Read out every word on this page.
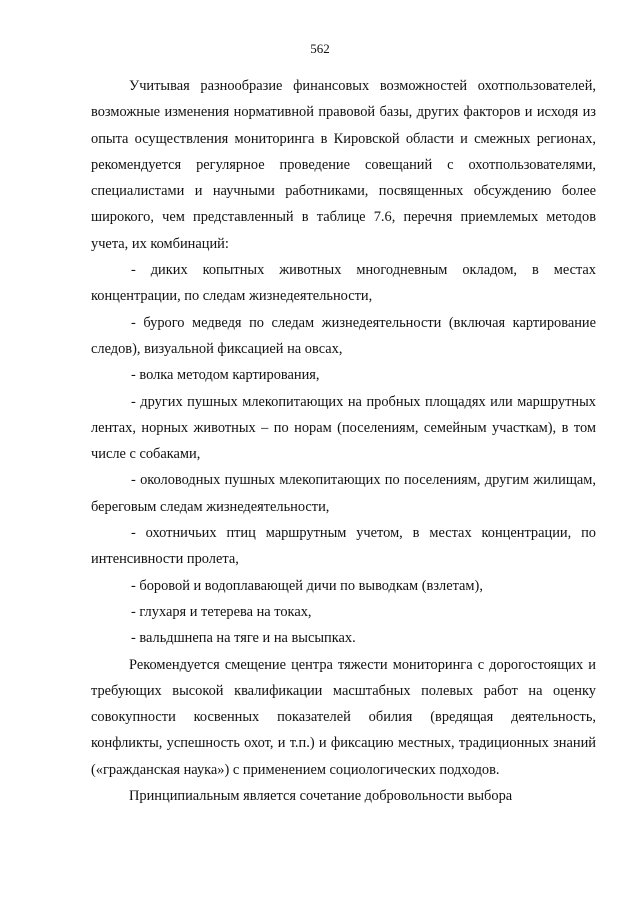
562

Учитывая разнообразие финансовых возможностей охотпользователей, возможные изменения нормативной правовой базы, других факторов и исходя из опыта осуществления мониторинга в Кировской области и смежных регионах, рекомендуется регулярное проведение совещаний с охотпользователями, специалистами и научными работниками, посвященных обсуждению более широкого, чем представленный в таблице 7.6, перечня приемлемых методов учета, их комбинаций:

- диких копытных животных многодневным окладом, в местах концентрации, по следам жизнедеятельности,

- бурого медведя по следам жизнедеятельности (включая картирование следов), визуальной фиксацией на овсах,

- волка методом картирования,

- других пушных млекопитающих на пробных площадях или маршрутных лентах, норных животных – по норам (поселениям, семейным участкам), в том числе с собаками,

- околоводных пушных млекопитающих по поселениям, другим жилищам, береговым следам жизнедеятельности,

- охотничьих птиц маршрутным учетом, в местах концентрации, по интенсивности пролета,

- боровой и водоплавающей дичи по выводкам (взлетам),

- глухаря и тетерева на токах,

- вальдшнепа на тяге и на высыпках.

Рекомендуется смещение центра тяжести мониторинга с дорогостоящих и требующих высокой квалификации масштабных полевых работ на оценку совокупности косвенных показателей обилия (вредящая деятельность, конфликты, успешность охот, и т.п.) и фиксацию местных, традиционных знаний («гражданская наука») с применением социологических подходов.

Принципиальным является сочетание добровольности выбора
